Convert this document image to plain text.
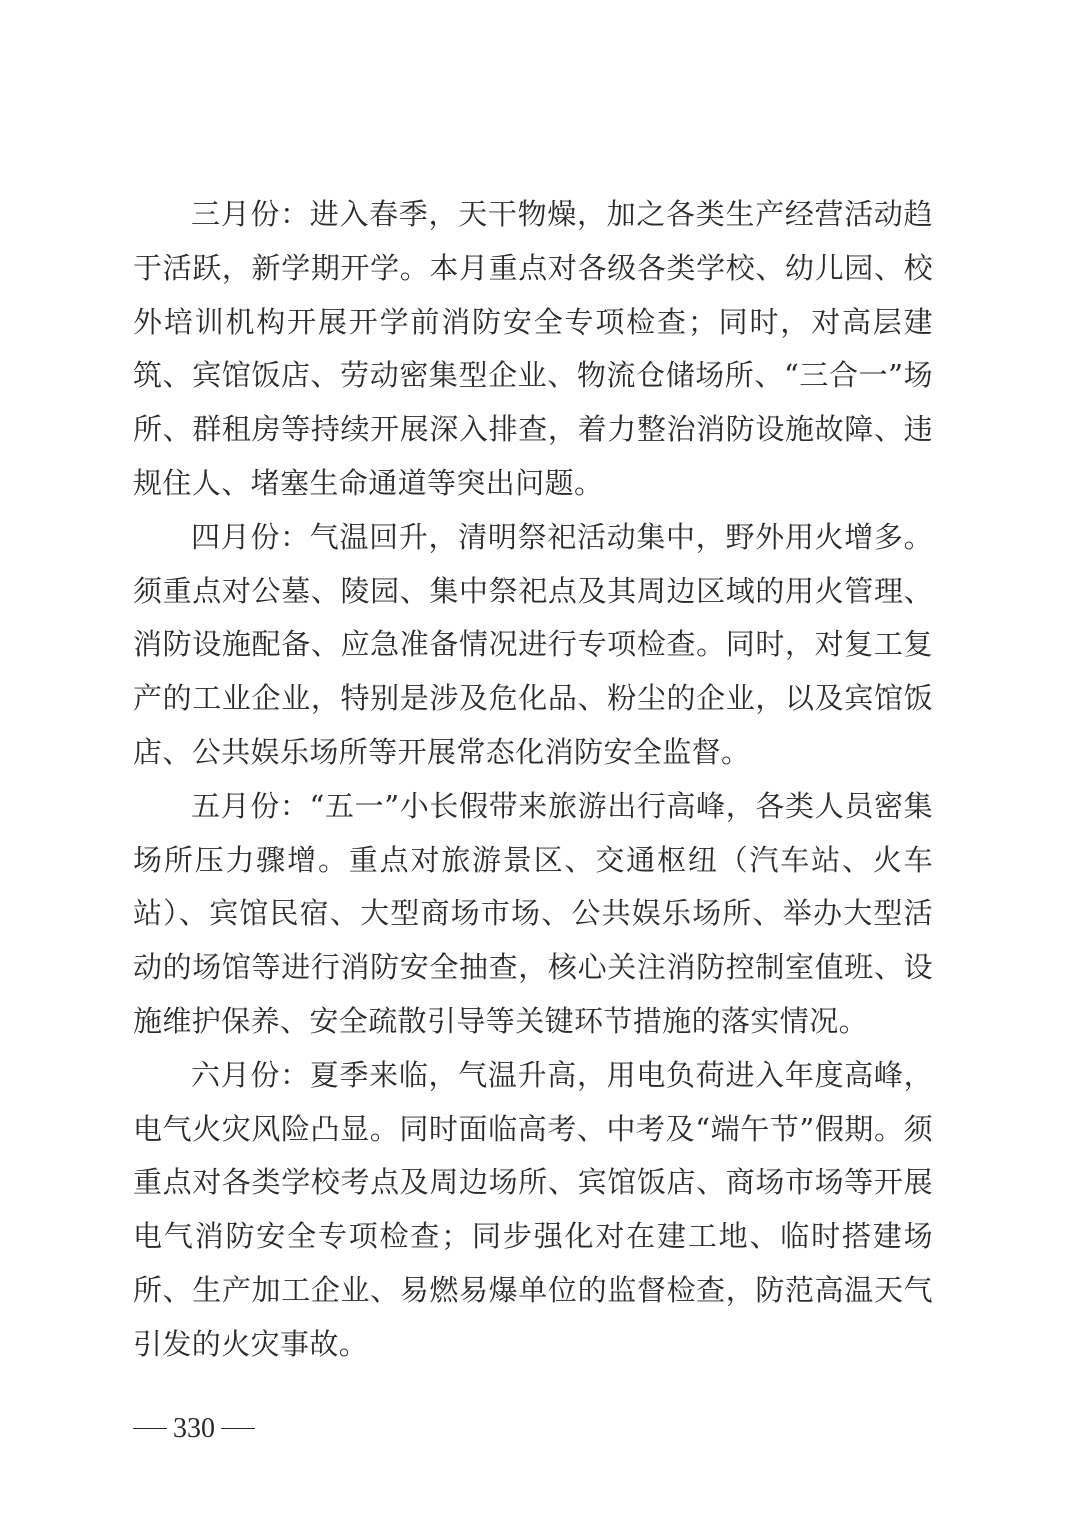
三月份：进入春季，天干物燥，加之各类生产经营活动趋于活跃，新学期开学。本月重点对各级各类学校、幼儿园、校外培训机构开展开学前消防安全专项检查；同时，对高层建筑、宾馆饭店、劳动密集型企业、物流仓储场所、“三合一”场所、群租房等持续开展深入排查，着力整治消防设施故障、违规住人、堵塞生命通道等突出问题。

四月份：气温回升，清明祭祀活动集中，野外用火增多。须重点对公墓、陵园、集中祭祀点及其周边区域的用火管理、消防设施配备、应急准备情况进行专项检查。同时，对复工复产的工业企业，特别是涉及危化品、粉尘的企业，以及宾馆饭店、公共娱乐场所等开展常态化消防安全监督。

五月份：“五一”小长假带来旅游出行高峰，各类人员密集场所压力骤增。重点对旅游景区、交通枢纽（汽车站、火车站）、宾馆民宿、大型商场市场、公共娱乐场所、举办大型活动的场馆等进行消防安全抽查，核心关注消防控制室值班、设施维护保养、安全疏散引导等关键环节措施的落实情况。

六月份：夏季来临，气温升高，用电负荷进入年度高峰，电气火灾风险凸显。同时面临高考、中考及“端午节”假期。须重点对各类学校考点及周边场所、宾馆饭店、商场市场等开展电气消防安全专项检查；同步强化对在建工地、临时搭建场所、生产加工企业、易燃易爆单位的监督检查，防范高温天气引发的火灾事故。

330
